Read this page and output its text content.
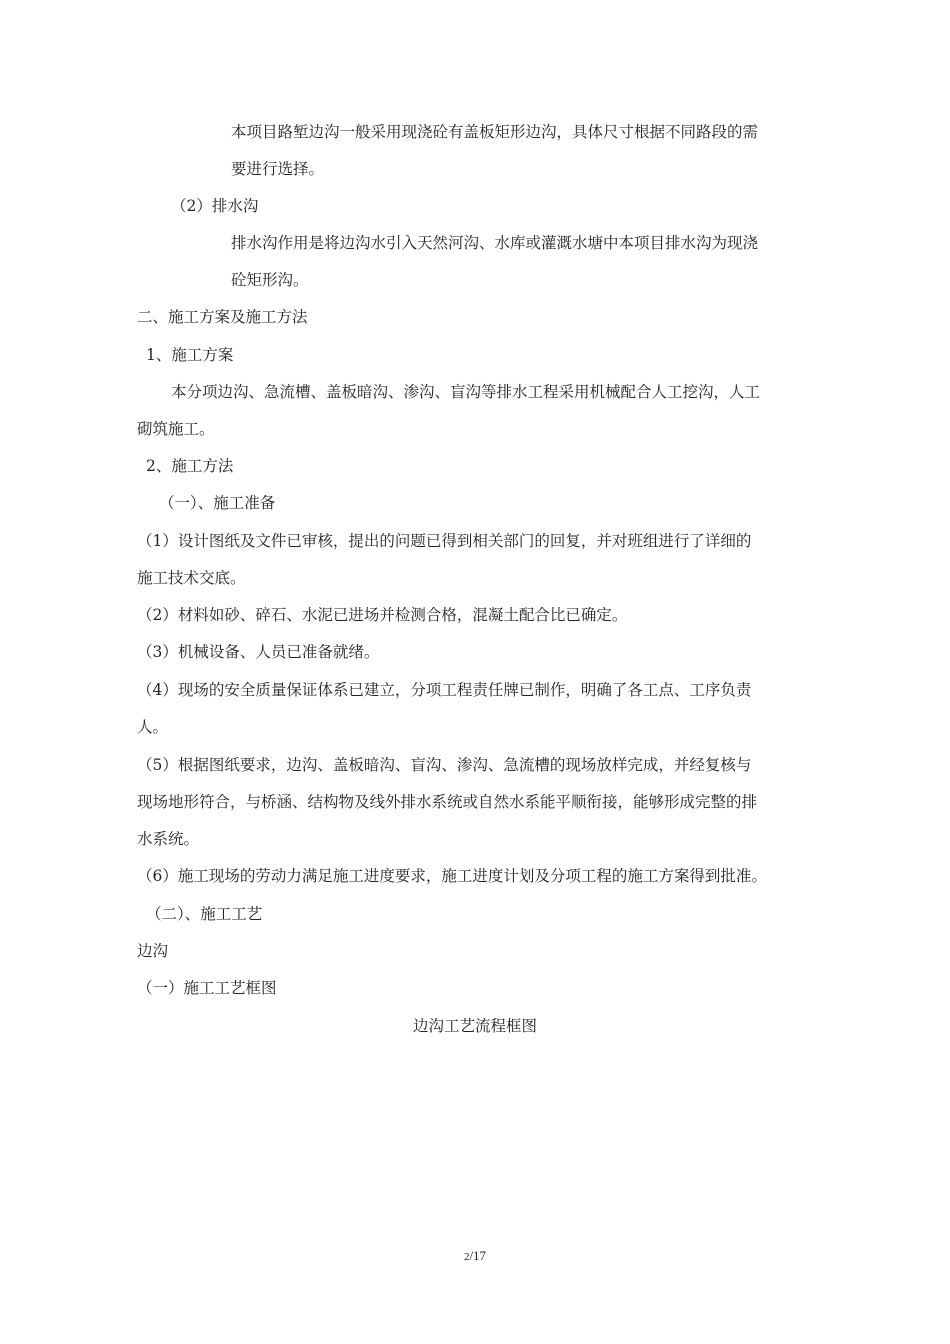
本项目路堑边沟一般采用现浇砼有盖板矩形边沟，具体尺寸根据不同路段的需

要进行选择。

（2）排水沟

排水沟作用是将边沟水引入天然河沟、水库或灌溉水塘中本项目排水沟为现浇

砼矩形沟。

二、施工方案及施工方法

1、施工方案

本分项边沟、急流槽、盖板暗沟、渗沟、盲沟等排水工程采用机械配合人工挖沟，人工

砌筑施工。

2、施工方法

（一）、施工准备

（1）设计图纸及文件已审核，提出的问题已得到相关部门的回复，并对班组进行了详细的

施工技术交底。

（2）材料如砂、碎石、水泥已进场并检测合格，混凝土配合比已确定。

（3）机械设备、人员已准备就绪。

（4）现场的安全质量保证体系已建立，分项工程责任牌已制作，明确了各工点、工序负责

人。

（5）根据图纸要求，边沟、盖板暗沟、盲沟、渗沟、急流槽的现场放样完成，并经复核与

现场地形符合，与桥涵、结构物及线外排水系统或自然水系能平顺衔接，能够形成完整的排

水系统。

（6）施工现场的劳动力满足施工进度要求，施工进度计划及分项工程的施工方案得到批准。

（二）、施工工艺

边沟

（一）施工工艺框图

边沟工艺流程框图

2/17
